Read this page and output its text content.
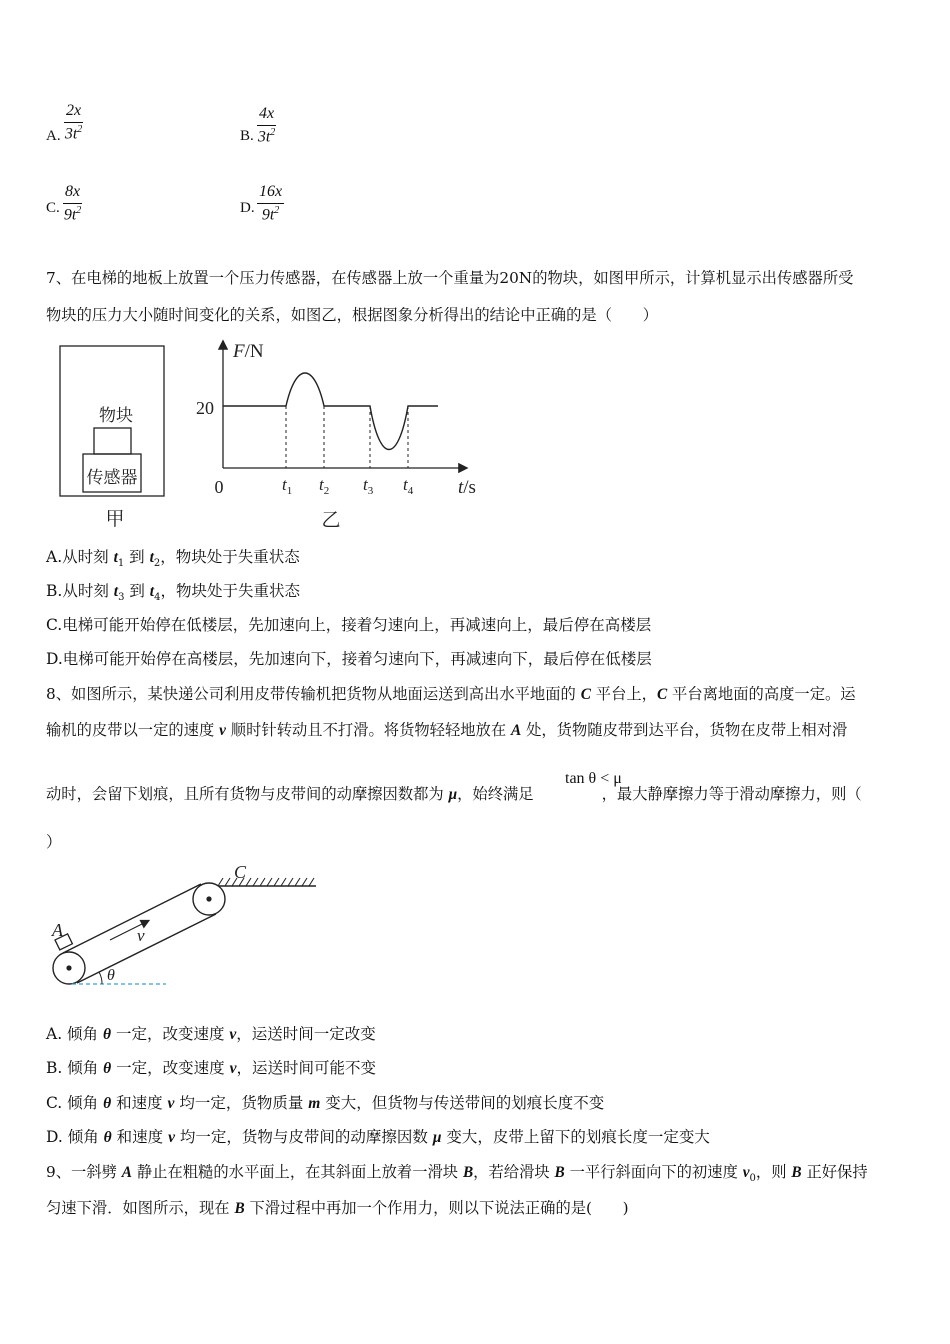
A. $\frac{2x}{3t^2}$	B. $\frac{4x}{3t^2}$
C. $\frac{8x}{9t^2}$	D. $\frac{16x}{9t^2}$
7、在电梯的地板上放置一个压力传感器，在传感器上放一个重量为20N的物块，如图甲所示，计算机显示出传感器所受
物块的压力大小随时间变化的关系，如图乙，根据图象分析得出的结论中正确的是（　　）
物块
传感器
甲
F/N
t/s
0
20
$t_1$ $t_2$ $t_3$ $t_4$
乙
A.从时刻 $t_1$ 到 $t_2$，物块处于失重状态
B.从时刻 $t_3$ 到 $t_4$，物块处于失重状态
C.电梯可能开始停在低楼层，先加速向上，接着匀速向上，再减速向上，最后停在高楼层
D.电梯可能开始停在高楼层，先加速向下，接着匀速向下，再减速向下，最后停在低楼层
8、如图所示，某快递公司利用皮带传输机把货物从地面运送到高出水平地面的 C 平台上，C 平台离地面的高度一定。运
输机的皮带以一定的速度 v 顺时针转动且不打滑。将货物轻轻地放在 A 处，货物随皮带到达平台，货物在皮带上相对滑
动时，会留下划痕，且所有货物与皮带间的动摩擦因数都为 μ，始终满足	，最大静摩擦力等于滑动摩擦力，则（
tan θ < μ
）
C
A	v
θ
A. 倾角 θ 一定，改变速度 v，运送时间一定改变
B. 倾角 θ 一定，改变速度 v，运送时间可能不变
C. 倾角 θ 和速度 v 均一定，货物质量 m 变大，但货物与传送带间的划痕长度不变
D. 倾角 θ 和速度 v 均一定，货物与皮带间的动摩擦因数 μ 变大，皮带上留下的划痕长度一定变大
9、一斜劈 A 静止在粗糙的水平面上，在其斜面上放着一滑块 B，若给滑块 B 一平行斜面向下的初速度 $v_0$，则 B 正好保持
匀速下滑．如图所示，现在 B 下滑过程中再加一个作用力，则以下说法正确的是(　　)
